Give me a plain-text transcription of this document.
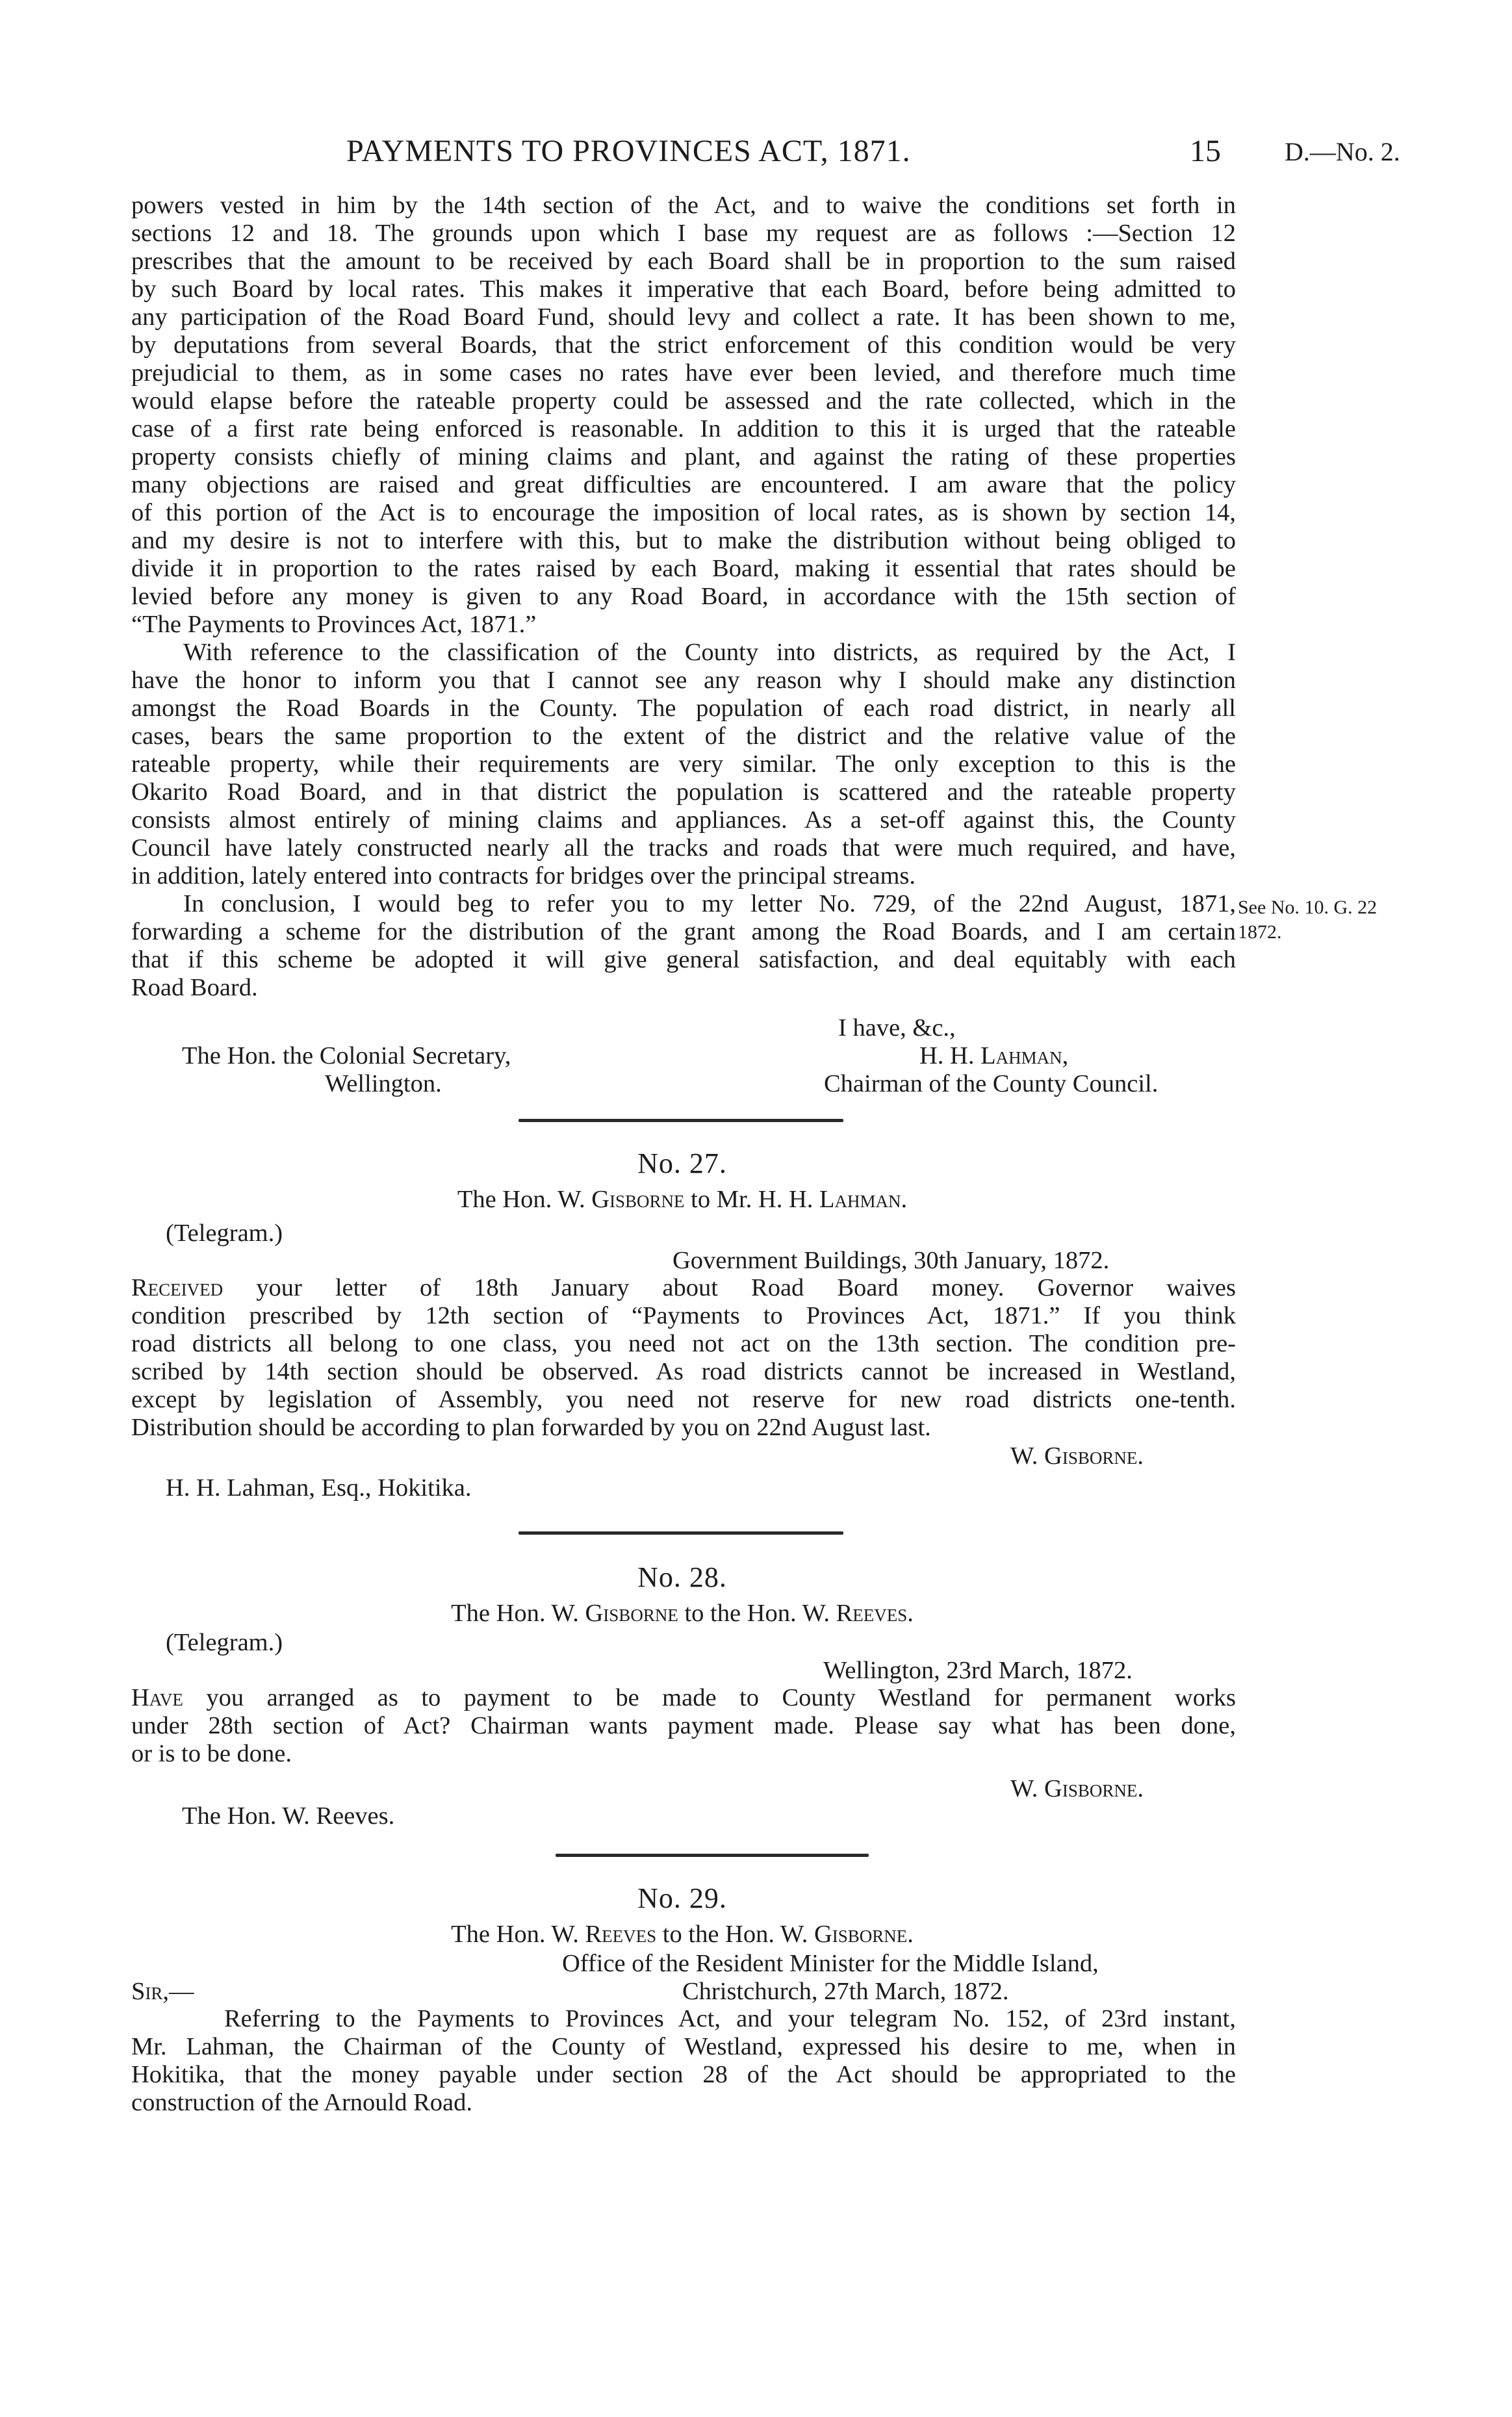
PAYMENTS TO PROVINCES ACT, 1871.	15 D.—No. 2.
powers vested in him by the 14th section of the Act, and to waive the conditions set forth in
sections 12 and 18. The grounds upon which I base my request are as follows :—Section 12
prescribes that the amount to be received by each Board shall be in proportion to the sum raised
by such Board by local rates. This makes it imperative that each Board, before being admitted to
any participation of the Road Board Fund, should levy and collect a rate. It has been shown to me,
by deputations from several Boards, that the strict enforcement of this condition would be very
prejudicial to them, as in some cases no rates have ever been levied, and therefore much time
would elapse before the rateable property could be assessed and the rate collected, which in the
case of a first rate being enforced is reasonable. In addition to this it is urged that the rateable
property consists chiefly of mining claims and plant, and against the rating of these properties
many objections are raised and great difficulties are encountered. I am aware that the policy
of this portion of the Act is to encourage the imposition of local rates, as is shown by section 14,
and my desire is not to interfere with this, but to make the distribution without being obliged to
divide it in proportion to the rates raised by each Board, making it essential that rates should be
levied before any money is given to any Road Board, in accordance with the 15th section of
“The Payments to Provinces Act, 1871.”
With reference to the classification of the County into districts, as required by the Act, I
have the honor to inform you that I cannot see any reason why I should make any distinction
amongst the Road Boards in the County. The population of each road district, in nearly all
cases, bears the same proportion to the extent of the district and the relative value of the
rateable property, while their requirements are very similar. The only exception to this is the
Okarito Road Board, and in that district the population is scattered and the rateable property
consists almost entirely of mining claims and appliances. As a set-off against this, the County
Council have lately constructed nearly all the tracks and roads that were much required, and have,
in addition, lately entered into contracts for bridges over the principal streams.
In conclusion, I would beg to refer you to my letter No. 729, of the 22nd August, 1871,
forwarding a scheme for the distribution of the grant among the Road Boards, and I am certain
that if this scheme be adopted it will give general satisfaction, and deal equitably with each
Road Board.
See No. 10. G. 22
1872.
I have, &c.,
The Hon. the Colonial Secretary,	H. H. Lahman,
Wellington.	Chairman of the County Council.
No. 27.
The Hon. W. Gisborne to Mr. H. H. Lahman.
(Telegram.)
Government Buildings, 30th January, 1872.
Received your letter of 18th January about Road Board money. Governor waives
condition prescribed by 12th section of “Payments to Provinces Act, 1871.” If you think
road districts all belong to one class, you need not act on the 13th section. The condition pre-
scribed by 14th section should be observed. As road districts cannot be increased in Westland,
except by legislation of Assembly, you need not reserve for new road districts one-tenth.
Distribution should be according to plan forwarded by you on 22nd August last.
W. Gisborne.
H. H. Lahman, Esq., Hokitika.
No. 28.
The Hon. W. Gisborne to the Hon. W. Reeves.
(Telegram.)
Wellington, 23rd March, 1872.
Have you arranged as to payment to be made to County Westland for permanent works
under 28th section of Act? Chairman wants payment made. Please say what has been done,
or is to be done.
W. Gisborne.
The Hon. W. Reeves.
No. 29.
The Hon. W. Reeves to the Hon. W. Gisborne.
Office of the Resident Minister for the Middle Island,
Sir,—	Christchurch, 27th March, 1872.
Referring to the Payments to Provinces Act, and your telegram No. 152, of 23rd instant,
Mr. Lahman, the Chairman of the County of Westland, expressed his desire to me, when in
Hokitika, that the money payable under section 28 of the Act should be appropriated to the
construction of the Arnould Road.
